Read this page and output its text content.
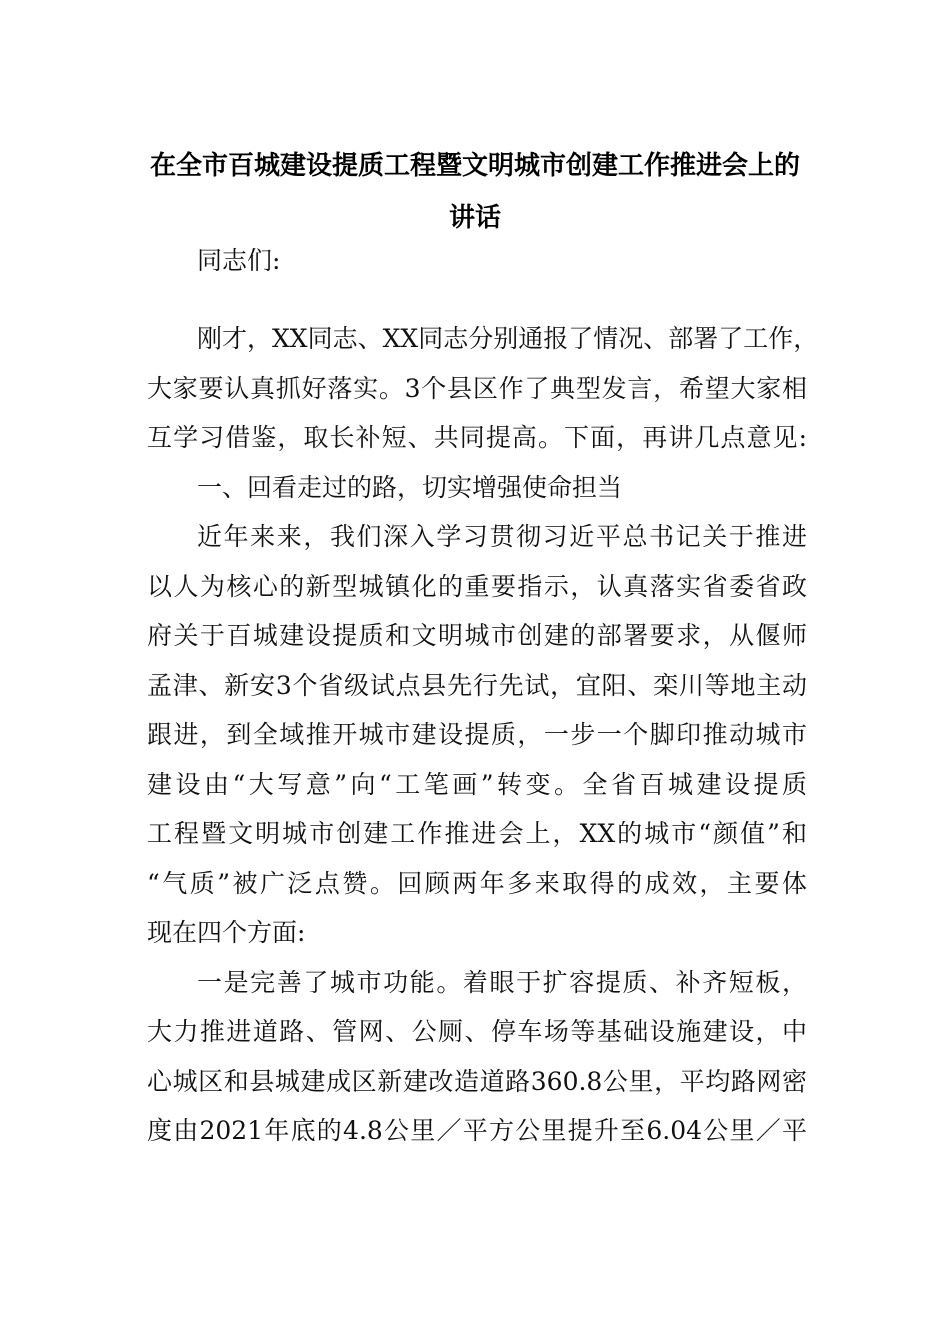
在全市百城建设提质工程暨文明城市创建工作推进会上的
讲话
同志们:
刚才，XX同志、XX同志分别通报了情况、部署了工作，
大家要认真抓好落实。3个县区作了典型发言，希望大家相
互学习借鉴，取长补短、共同提高。下面，再讲几点意见:
一、回看走过的路，切实增强使命担当
近年来来，我们深入学习贯彻习近平总书记关于推进
以人为核心的新型城镇化的重要指示，认真落实省委省政
府关于百城建设提质和文明城市创建的部署要求，从偃师
孟津、新安3个省级试点县先行先试，宜阳、栾川等地主动
跟进，到全域推开城市建设提质，一步一个脚印推动城市
建设由“大写意”向“工笔画”转变。全省百城建设提质
工程暨文明城市创建工作推进会上，XX的城市“颜值”和
“气质”被广泛点赞。回顾两年多来取得的成效，主要体
现在四个方面:
一是完善了城市功能。着眼于扩容提质、补齐短板，
大力推进道路、管网、公厕、停车场等基础设施建设，中
心城区和县城建成区新建改造道路360.8公里，平均路网密
度由2021年底的4.8公里／平方公里提升至6.04公里／平
